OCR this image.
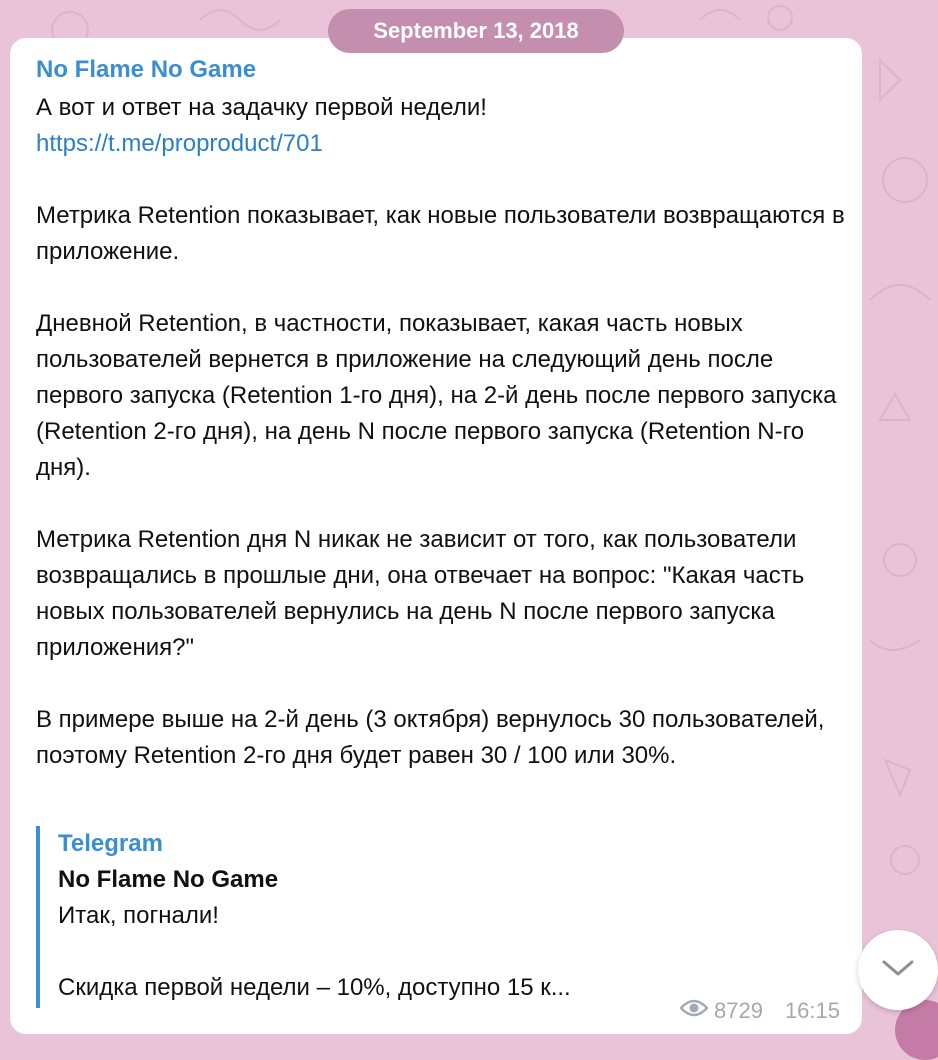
September 13, 2018
No Flame No Game

А вот и ответ на задачку первой недели!

https://t.me/proproduct/701

Метрика Retention показывает, как новые пользователи возвращаются в приложение.

Дневной Retention, в частности, показывает, какая часть новых пользователей вернется в приложение на следующий день после первого запуска (Retention 1-го дня), на 2-й день после первого запуска (Retention 2-го дня), на день N после первого запуска (Retention N-го дня).

Метрика Retention дня N никак не зависит от того, как пользователи возвращались в прошлые дни, она отвечает на вопрос: "Какая часть новых пользователей вернулись на день N после первого запуска приложения?"

В примере выше на 2-й день (3 октября) вернулось 30 пользователей, поэтому Retention 2-го дня будет равен 30 / 100 или 30%.

Telegram
No Flame No Game
Итак, погнали!

Скидка первой недели – 10%, доступно 15 к...
8729 16:15
